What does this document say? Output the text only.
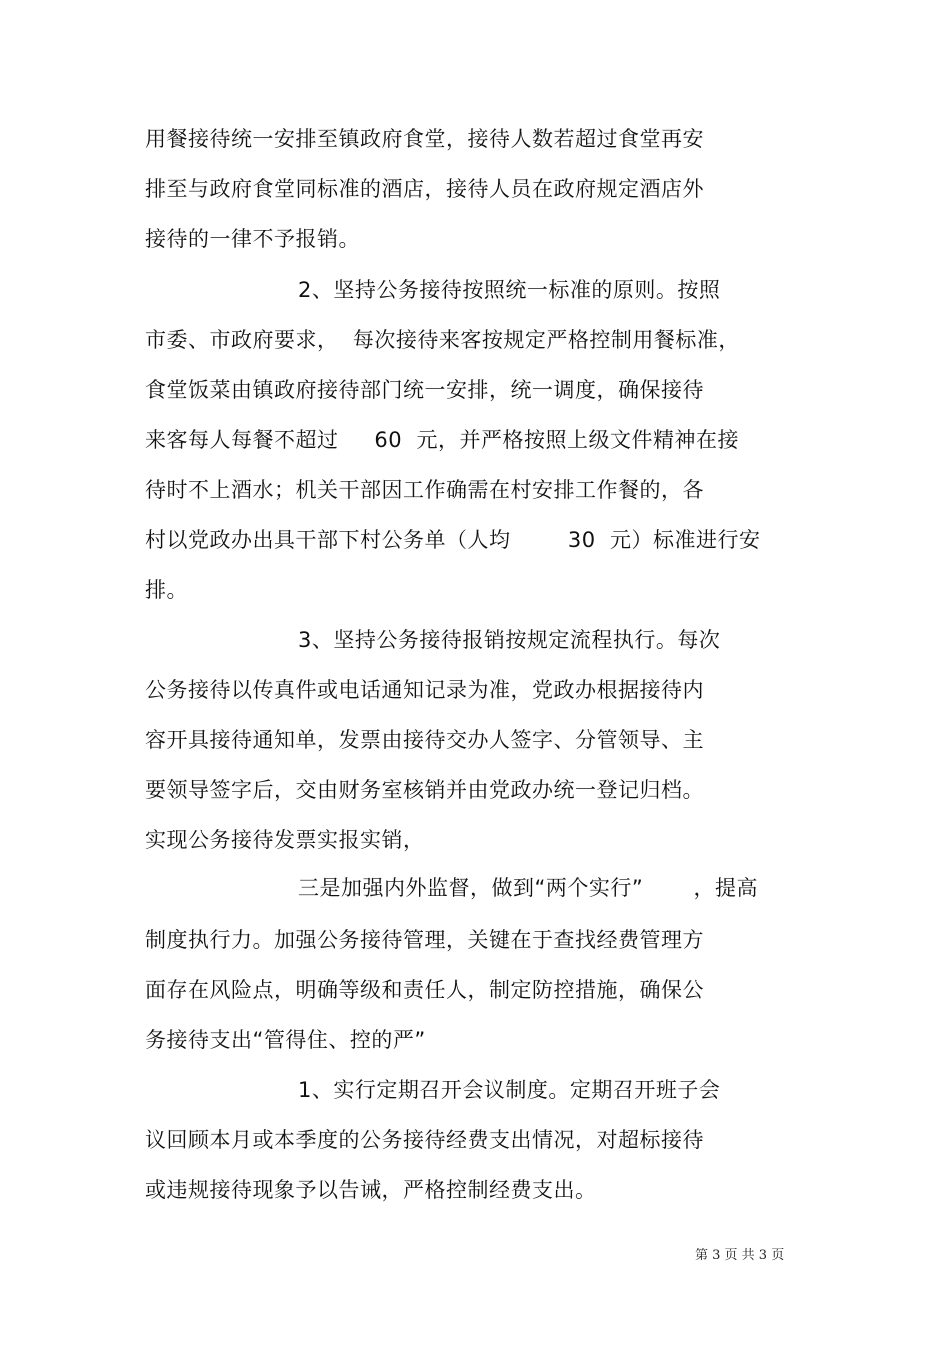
用餐接待统一安排至镇政府食堂，接待人数若超过食堂再安
排至与政府食堂同标准的酒店，接待人员在政府规定酒店外
接待的一律不予报销。
2、坚持公务接待按照统一标准的原则。按照
市委、市政府要求，  每次接待来客按规定严格控制用餐标准，
食堂饭菜由镇政府接待部门统一安排，统一调度，确保接待
来客每人每餐不超过     60  元，并严格按照上级文件精神在接
待时不上酒水；机关干部因工作确需在村安排工作餐的，各
村以党政办出具干部下村公务单（人均        30  元）标准进行安
排。
3、坚持公务接待报销按规定流程执行。每次
公务接待以传真件或电话通知记录为准，党政办根据接待内
容开具接待通知单，发票由接待交办人签字、分管领导、主
要领导签字后，交由财务室核销并由党政办统一登记归档。
实现公务接待发票实报实销，
三是加强内外监督，做到“两个实行”       ，提高
制度执行力。加强公务接待管理，关键在于查找经费管理方
面存在风险点，明确等级和责任人，制定防控措施，确保公
务接待支出“管得住、控的严”
1、实行定期召开会议制度。定期召开班子会
议回顾本月或本季度的公务接待经费支出情况，对超标接待
或违规接待现象予以告诫，严格控制经费支出。
第 3 页 共 3 页
